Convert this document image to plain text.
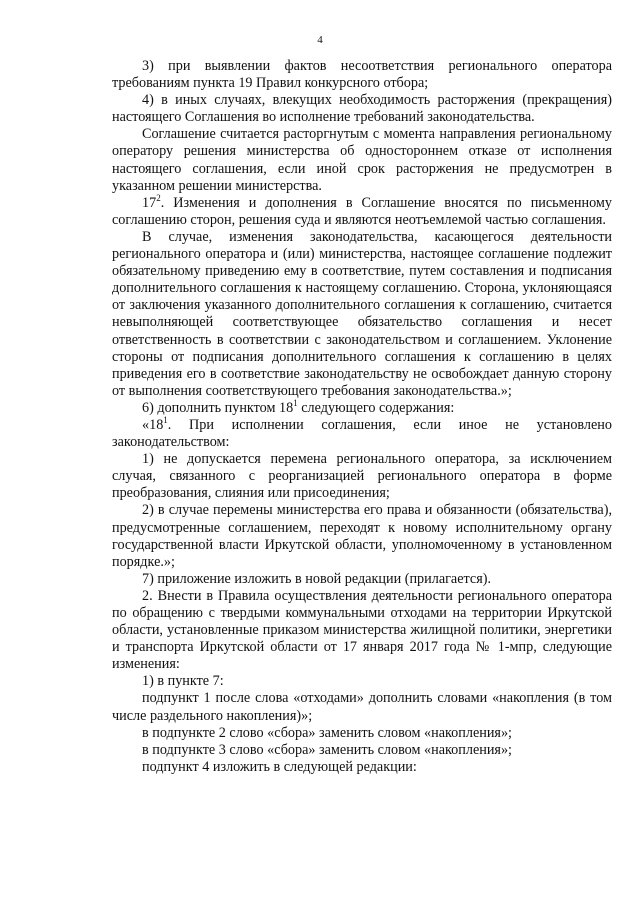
4

3) при выявлении фактов несоответствия регионального оператора требованиям пункта 19 Правил конкурсного отбора;

4) в иных случаях, влекущих необходимость расторжения (прекращения) настоящего Соглашения во исполнение требований законодательства.

Соглашение считается расторгнутым с момента направления региональному оператору решения министерства об одностороннем отказе от исполнения настоящего соглашения, если иной срок расторжения не предусмотрен в указанном решении министерства.

$17^2$. Изменения и дополнения в Соглашение вносятся по письменному соглашению сторон, решения суда и являются неотъемлемой частью соглашения.

В случае, изменения законодательства, касающегося деятельности регионального оператора и (или) министерства, настоящее соглашение подлежит обязательному приведению ему в соответствие, путем составления и подписания дополнительного соглашения к настоящему соглашению. Сторона, уклоняющаяся от заключения указанного дополнительного соглашения к соглашению, считается невыполняющей соответствующее обязательство соглашения и несет ответственность в соответствии с законодательством и соглашением. Уклонение стороны от подписания дополнительного соглашения к соглашению в целях приведения его в соответствие законодательству не освобождает данную сторону от выполнения соответствующего требования законодательства.»;

6) дополнить пунктом $18^1$ следующего содержания:

«$18^1$. При исполнении соглашения, если иное не установлено законодательством:

1) не допускается перемена регионального оператора, за исключением случая, связанного с реорганизацией регионального оператора в форме преобразования, слияния или присоединения;

2) в случае перемены министерства его права и обязанности (обязательства), предусмотренные соглашением, переходят к новому исполнительному органу государственной власти Иркутской области, уполномоченному в установленном порядке.»;

7) приложение изложить в новой редакции (прилагается).

2. Внести в Правила осуществления деятельности регионального оператора по обращению с твердыми коммунальными отходами на территории Иркутской области, установленные приказом министерства жилищной политики, энергетики и транспорта Иркутской области от 17 января 2017 года № 1-мпр, следующие изменения:

1) в пункте 7:

подпункт 1 после слова «отходами» дополнить словами «накопления (в том числе раздельного накопления)»;

в подпункте 2 слово «сбора» заменить словом «накопления»;

в подпункте 3 слово «сбора» заменить словом «накопления»;

подпункт 4 изложить в следующей редакции:
